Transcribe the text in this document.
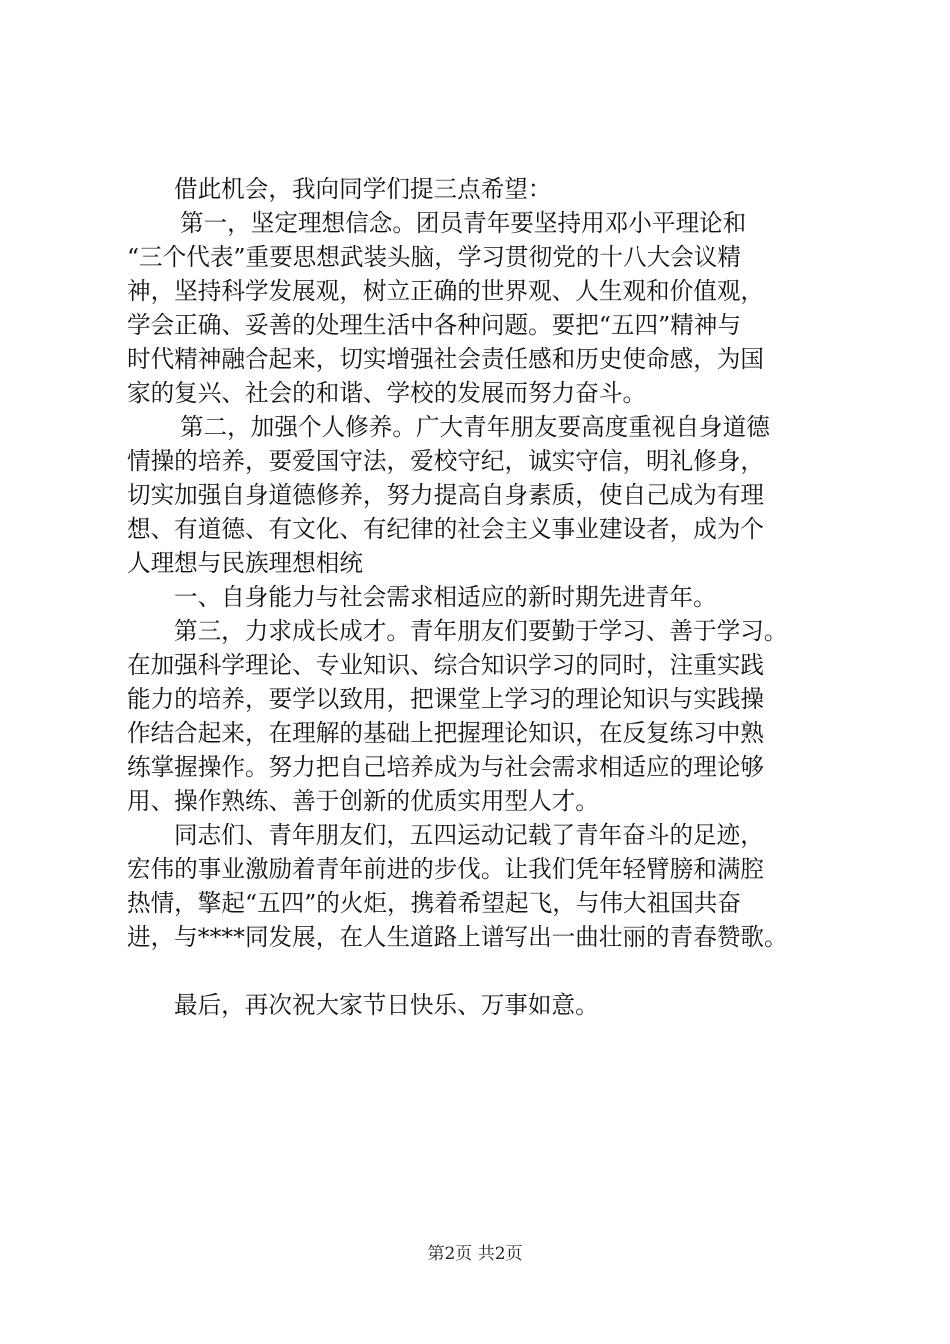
借此机会，我向同学们提三点希望：
第一，坚定理想信念。团员青年要坚持用邓小平理论和
“三个代表”重要思想武装头脑，学习贯彻党的十八大会议精
神，坚持科学发展观，树立正确的世界观、人生观和价值观，
学会正确、妥善的处理生活中各种问题。要把“五四”精神与
时代精神融合起来，切实增强社会责任感和历史使命感，为国
家的复兴、社会的和谐、学校的发展而努力奋斗。
第二，加强个人修养。广大青年朋友要高度重视自身道德
情操的培养，要爱国守法，爱校守纪，诚实守信，明礼修身，
切实加强自身道德修养，努力提高自身素质，使自己成为有理
想、有道德、有文化、有纪律的社会主义事业建设者，成为个
人理想与民族理想相统
一、自身能力与社会需求相适应的新时期先进青年。
第三，力求成长成才。青年朋友们要勤于学习、善于学习。
在加强科学理论、专业知识、综合知识学习的同时，注重实践
能力的培养，要学以致用，把课堂上学习的理论知识与实践操
作结合起来，在理解的基础上把握理论知识，在反复练习中熟
练掌握操作。努力把自己培养成为与社会需求相适应的理论够
用、操作熟练、善于创新的优质实用型人才。
同志们、青年朋友们，五四运动记载了青年奋斗的足迹，
宏伟的事业激励着青年前进的步伐。让我们凭年轻臂膀和满腔
热情，擎起“五四”的火炬，携着希望起飞，与伟大祖国共奋
进，与****同发展，在人生道路上谱写出一曲壮丽的青春赞歌。
最后，再次祝大家节日快乐、万事如意。
第2页 共2页
